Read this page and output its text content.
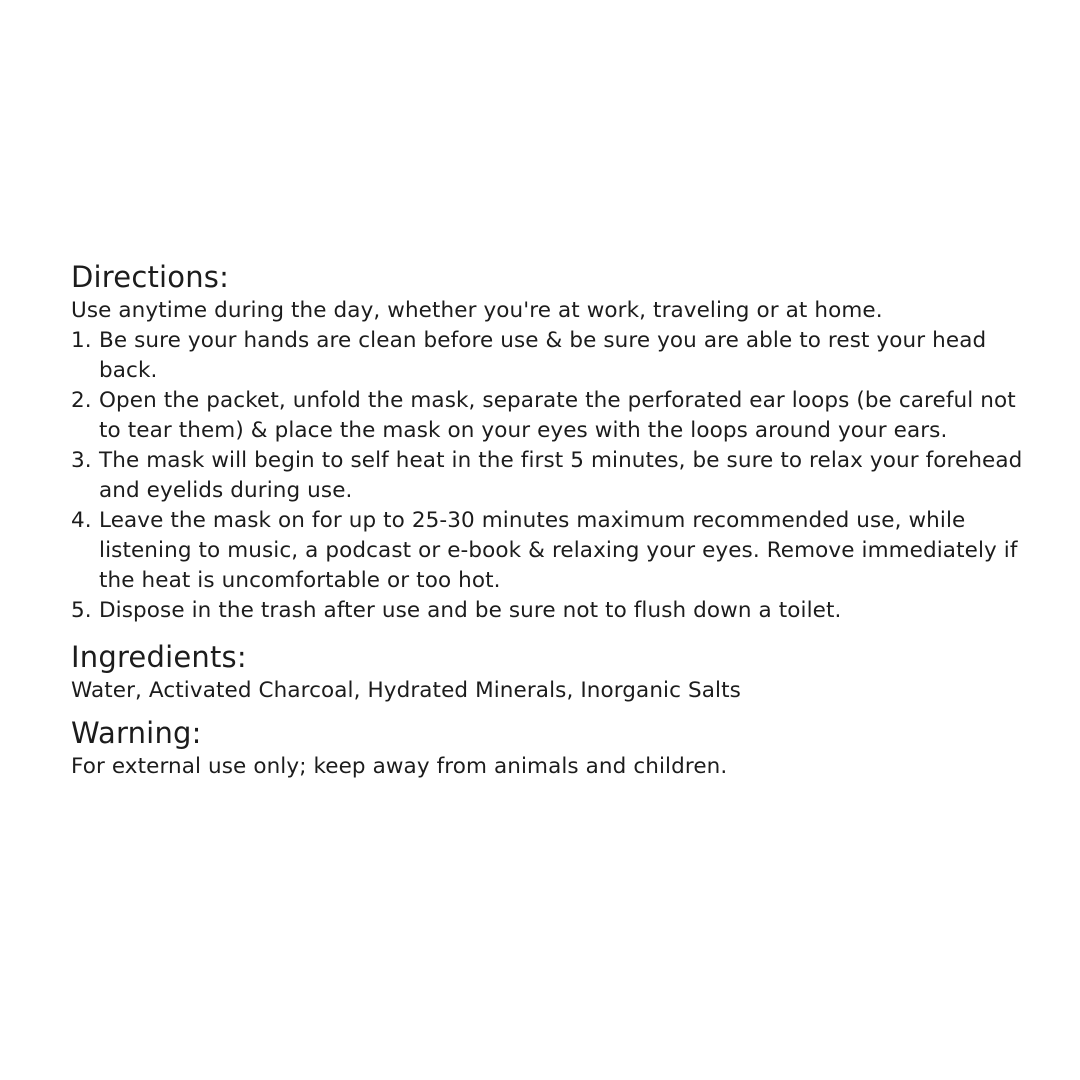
Directions:

Use anytime during the day, whether you're at work, traveling or at home.

1. Be sure your hands are clean before use & be sure you are able to rest your head back.
2. Open the packet, unfold the mask, separate the perforated ear loops (be careful not to tear them) & place the mask on your eyes with the loops around your ears.
3. The mask will begin to self heat in the first 5 minutes, be sure to relax your forehead and eyelids during use.
4. Leave the mask on for up to 25-30 minutes maximum recommended use, while listening to music, a podcast or e-book & relaxing your eyes. Remove immediately if the heat is uncomfortable or too hot.
5. Dispose in the trash after use and be sure not to flush down a toilet.
Ingredients:

Water, Activated Charcoal, Hydrated Minerals, Inorganic Salts

Warning:

For external use only; keep away from animals and children.
